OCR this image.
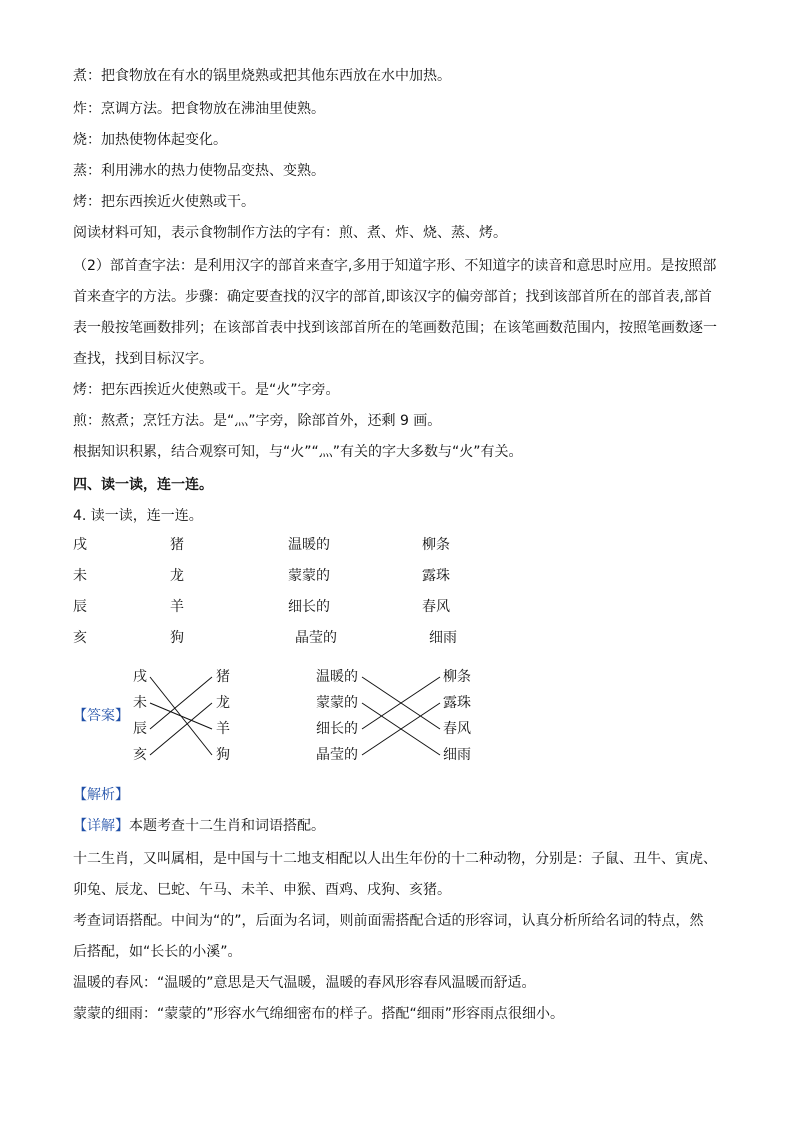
煮：把食物放在有水的锅里烧熟或把其他东西放在水中加热。
炸：烹调方法。把食物放在沸油里使熟。
烧：加热使物体起变化。
蒸：利用沸水的热力使物品变热、变熟。
烤：把东西挨近火使熟或干。
阅读材料可知，表示食物制作方法的字有：煎、煮、炸、烧、蒸、烤。
（2）部首查字法：是利用汉字的部首来查字,多用于知道字形、不知道字的读音和意思时应用。是按照部
首来查字的方法。步骤：确定要查找的汉字的部首,即该汉字的偏旁部首；找到该部首所在的部首表,部首
表一般按笔画数排列；在该部首表中找到该部首所在的笔画数范围；在该笔画数范围内，按照笔画数逐一
查找，找到目标汉字。
烤：把东西挨近火使熟或干。是“火”字旁。
煎：熬煮；烹饪方法。是“灬”字旁，除部首外，还剩 9 画。
根据知识积累，结合观察可知，与“火”“灬”有关的字大多数与“火”有关。
四、读一读，连一连。
4. 读一读，连一连。
戌	猪	温暖的	柳条
未	龙	蒙蒙的	露珠
辰	羊	细长的	春风
亥	狗	晶莹的	细雨
【答案】
戌
未
辰
亥
猪
龙
羊
狗
温暖的
蒙蒙的
细长的
晶莹的
柳条
露珠
春风
细雨
【解析】
【详解】本题考查十二生肖和词语搭配。
十二生肖，又叫属相，是中国与十二地支相配以人出生年份的十二种动物，分别是：子鼠、丑牛、寅虎、
卯兔、辰龙、巳蛇、午马、未羊、申猴、酉鸡、戌狗、亥猪。
考查词语搭配。中间为“的”，后面为名词，则前面需搭配合适的形容词，认真分析所给名词的特点，然
后搭配，如“长长的小溪”。
温暖的春风：“温暖的”意思是天气温暖，温暖的春风形容春风温暖而舒适。
蒙蒙的细雨：“蒙蒙的”形容水气绵细密布的样子。搭配“细雨”形容雨点很细小。
